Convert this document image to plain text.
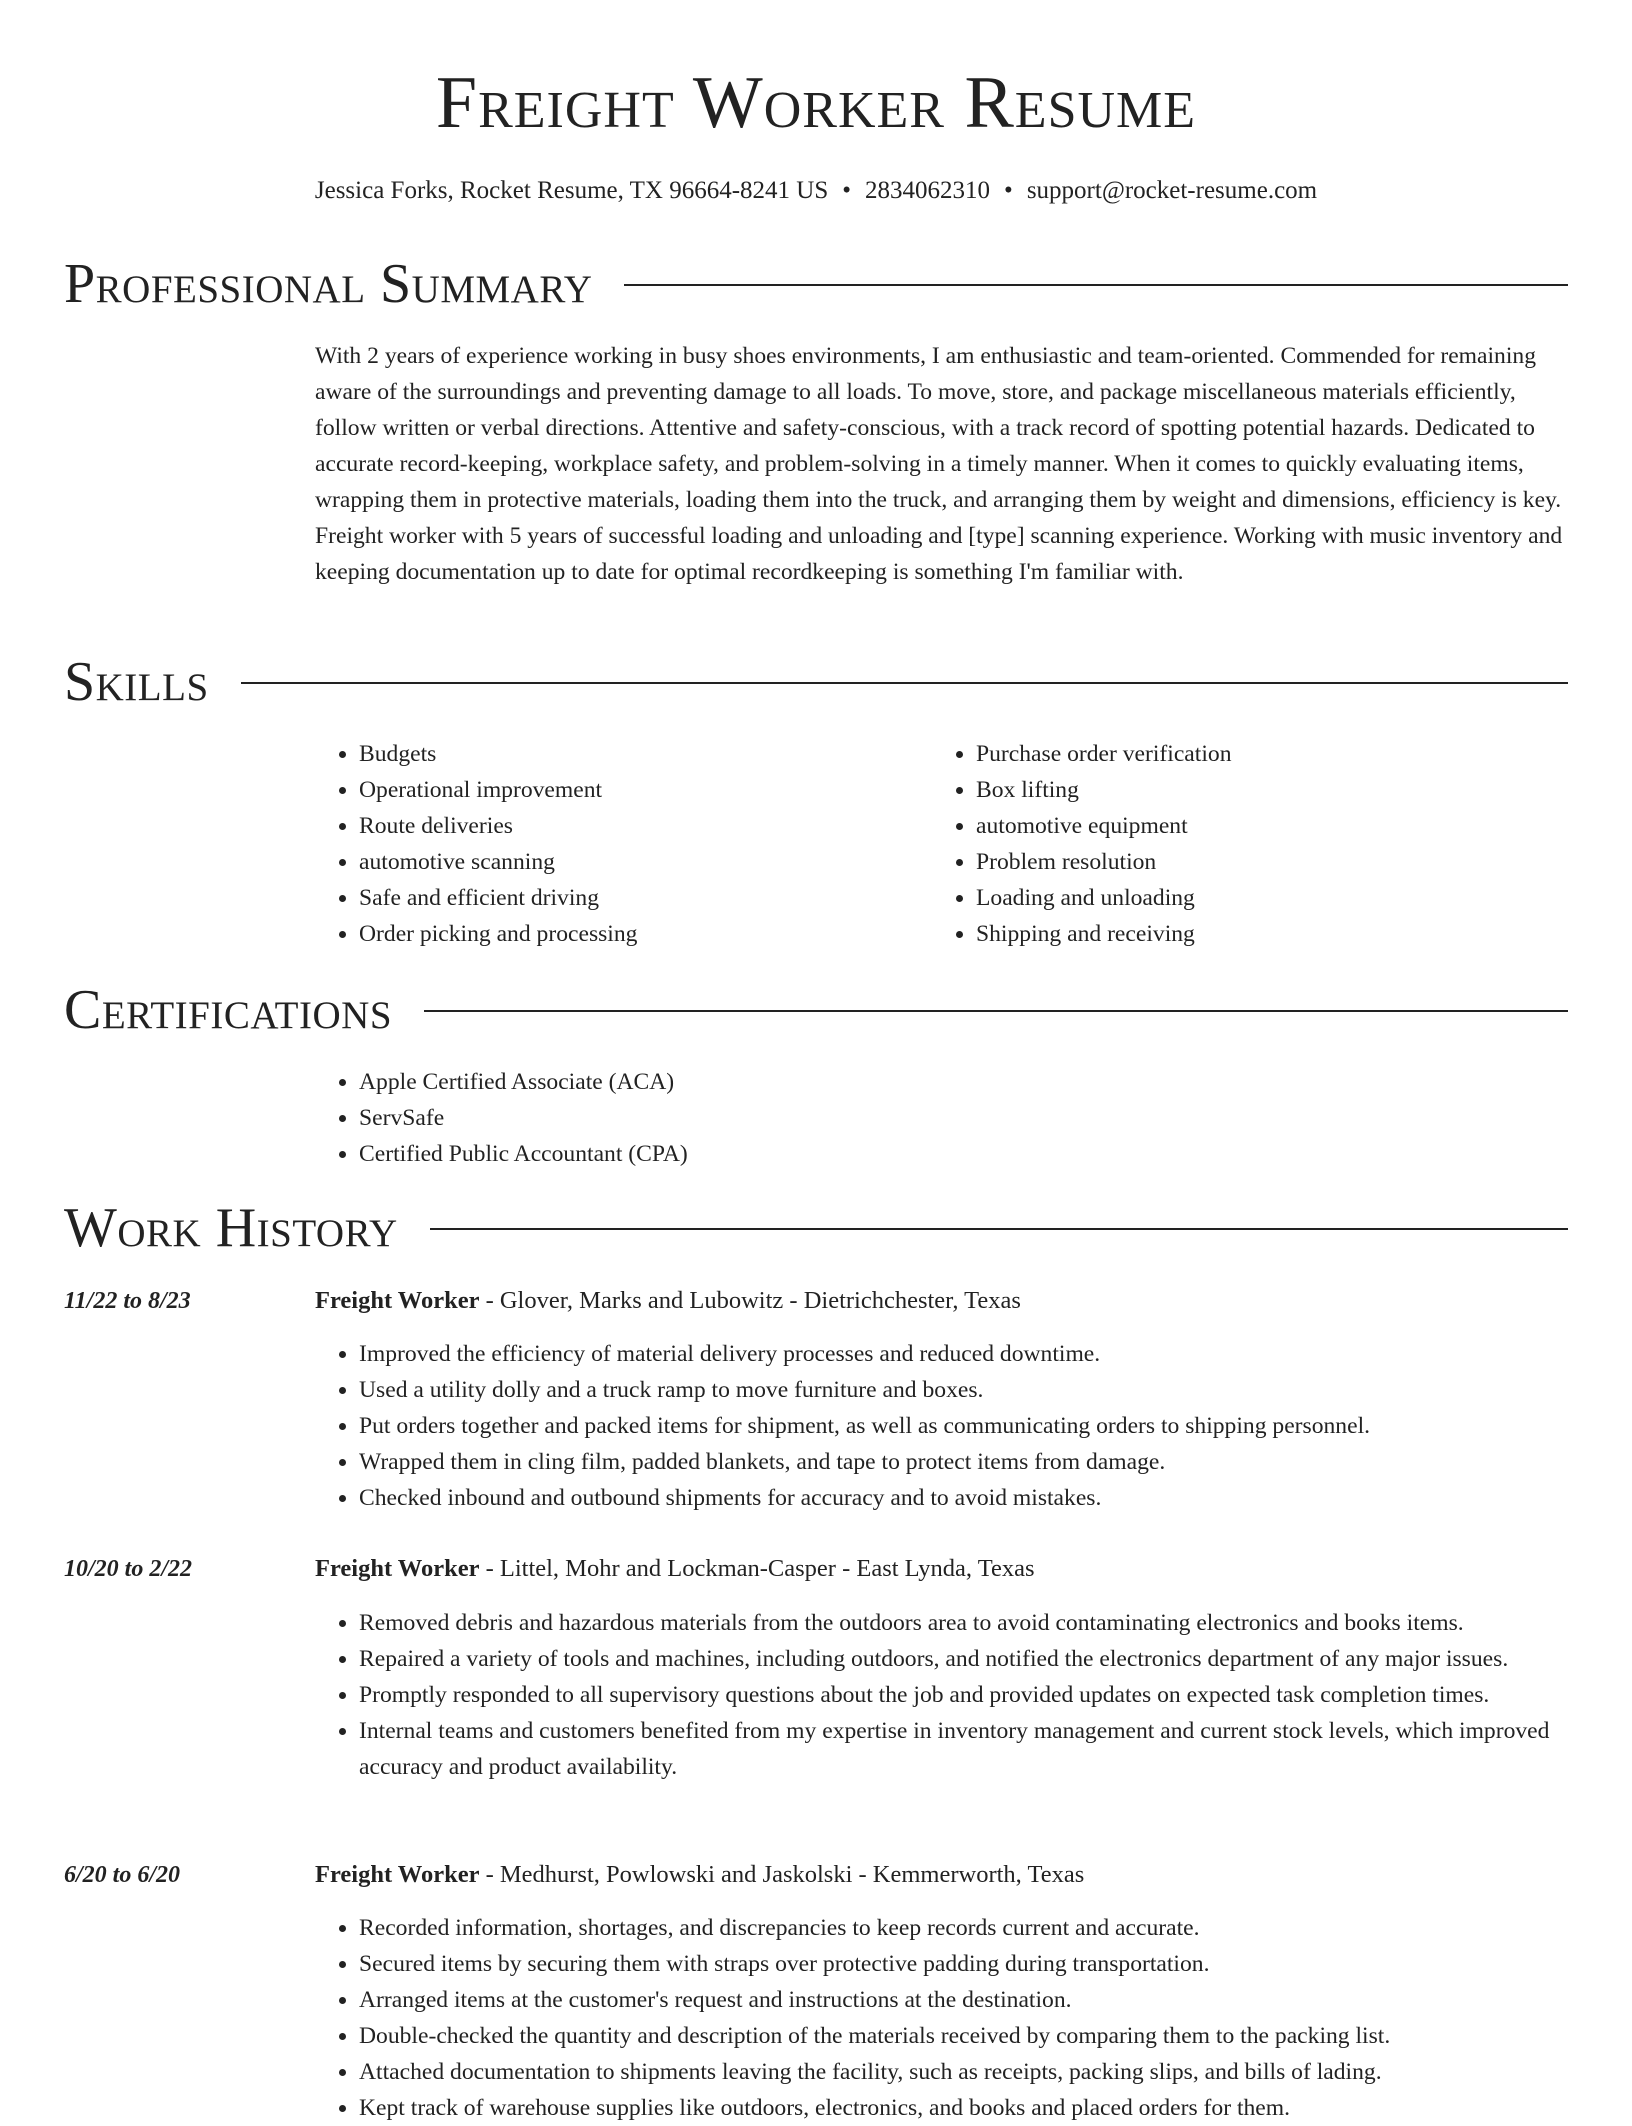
Freight Worker Resume
Jessica Forks, Rocket Resume, TX 96664-8241 US • 2834062310 • support@rocket-resume.com
Professional Summary

With 2 years of experience working in busy shoes environments, I am enthusiastic and team-oriented. Commended for remaining aware of the surroundings and preventing damage to all loads. To move, store, and package miscellaneous materials efficiently, follow written or verbal directions. Attentive and safety-conscious, with a track record of spotting potential hazards. Dedicated to accurate record-keeping, workplace safety, and problem-solving in a timely manner. When it comes to quickly evaluating items, wrapping them in protective materials, loading them into the truck, and arranging them by weight and dimensions, efficiency is key. Freight worker with 5 years of successful loading and unloading and [type] scanning experience. Working with music inventory and keeping documentation up to date for optimal recordkeeping is something I'm familiar with.

Skills
• Budgets
• Operational improvement
• Route deliveries
• automotive scanning
• Safe and efficient driving
• Order picking and processing
• Purchase order verification
• Box lifting
• automotive equipment
• Problem resolution
• Loading and unloading
• Shipping and receiving
Certifications
• Apple Certified Associate (ACA)
• ServSafe
• Certified Public Accountant (CPA)
Work History
11/22 to 8/23	Freight Worker - Glover, Marks and Lubowitz - Dietrichchester, Texas
• Improved the efficiency of material delivery processes and reduced downtime.
• Used a utility dolly and a truck ramp to move furniture and boxes.
• Put orders together and packed items for shipment, as well as communicating orders to shipping personnel.
• Wrapped them in cling film, padded blankets, and tape to protect items from damage.
• Checked inbound and outbound shipments for accuracy and to avoid mistakes.
10/20 to 2/22	Freight Worker - Littel, Mohr and Lockman-Casper - East Lynda, Texas
• Removed debris and hazardous materials from the outdoors area to avoid contaminating electronics and books items.
• Repaired a variety of tools and machines, including outdoors, and notified the electronics department of any major issues.
• Promptly responded to all supervisory questions about the job and provided updates on expected task completion times.
• Internal teams and customers benefited from my expertise in inventory management and current stock levels, which improved accuracy and product availability.
6/20 to 6/20	Freight Worker - Medhurst, Powlowski and Jaskolski - Kemmerworth, Texas
• Recorded information, shortages, and discrepancies to keep records current and accurate.
• Secured items by securing them with straps over protective padding during transportation.
• Arranged items at the customer's request and instructions at the destination.
• Double-checked the quantity and description of the materials received by comparing them to the packing list.
• Attached documentation to shipments leaving the facility, such as receipts, packing slips, and bills of lading.
• Kept track of warehouse supplies like outdoors, electronics, and books and placed orders for them.
